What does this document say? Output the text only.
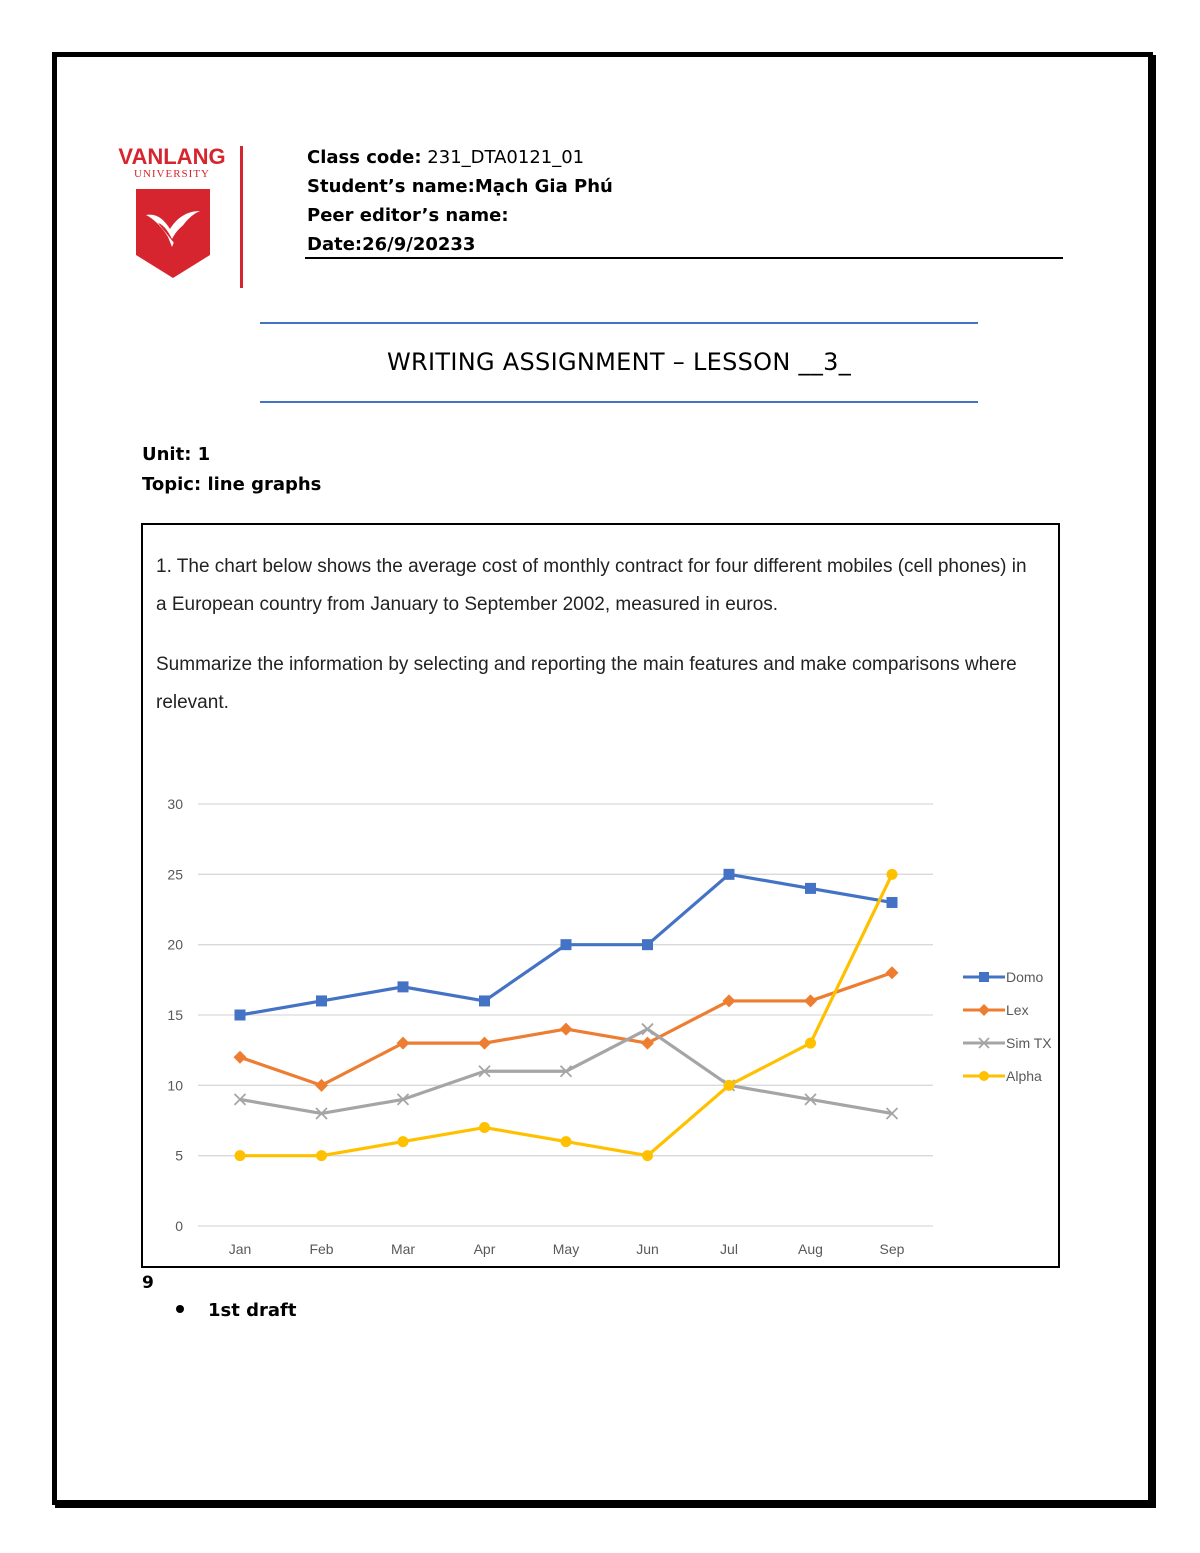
VANLANG
UNIVERSITY
Class code: 231_DTA0121_01
Student’s name:Mạch Gia Phú
Peer editor’s name:
Date:26/9/20233
WRITING ASSIGNMENT – LESSON __3_
Unit: 1
Topic: line graphs

1. The chart below shows the average cost of monthly contract for four different mobiles (cell phones) in a European country from January to September 2002, measured in euros.

Summarize the information by selecting and reporting the main features and make comparisons where relevant.

0
5
10
15
20
25
30
Jan	Feb	Mar	Apr	May	Jun	Jul	Aug	Sep
Domo
Lex
Sim TX
Alpha
9
1st draft
